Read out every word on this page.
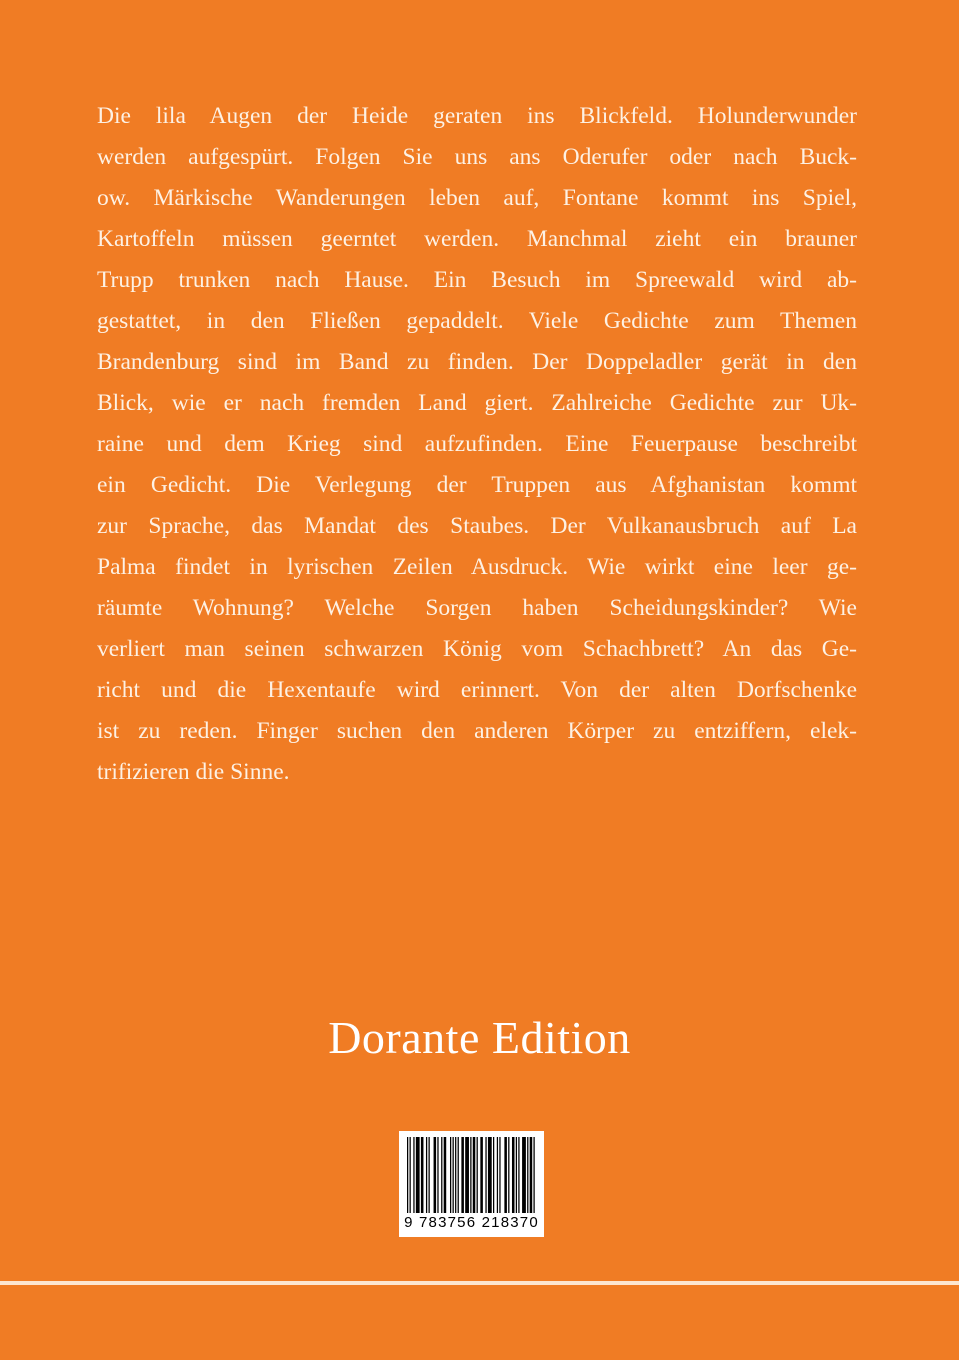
Die lila Augen der Heide geraten ins Blickfeld. Holunderwunder
werden aufgespürt. Folgen Sie uns ans Oderufer oder nach Buck-
ow. Märkische Wanderungen leben auf, Fontane kommt ins Spiel,
Kartoffeln müssen geerntet werden. Manchmal zieht ein brauner
Trupp trunken nach Hause. Ein Besuch im Spreewald wird ab-
gestattet, in den Fließen gepaddelt. Viele Gedichte zum Themen
Brandenburg sind im Band zu finden. Der Doppeladler gerät in den
Blick, wie er nach fremden Land giert. Zahlreiche Gedichte zur Uk-
raine und dem Krieg sind aufzufinden. Eine Feuerpause beschreibt
ein Gedicht. Die Verlegung der Truppen aus Afghanistan kommt
zur Sprache, das Mandat des Staubes. Der Vulkanausbruch auf La
Palma findet in lyrischen Zeilen Ausdruck. Wie wirkt eine leer ge-
räumte Wohnung? Welche Sorgen haben Scheidungskinder? Wie
verliert man seinen schwarzen König vom Schachbrett? An das Ge-
richt und die Hexentaufe wird erinnert. Von der alten Dorfschenke
ist zu reden. Finger suchen den anderen Körper zu entziffern, elek-
trifizieren die Sinne.
Dorante Edition
9 783756 218370
